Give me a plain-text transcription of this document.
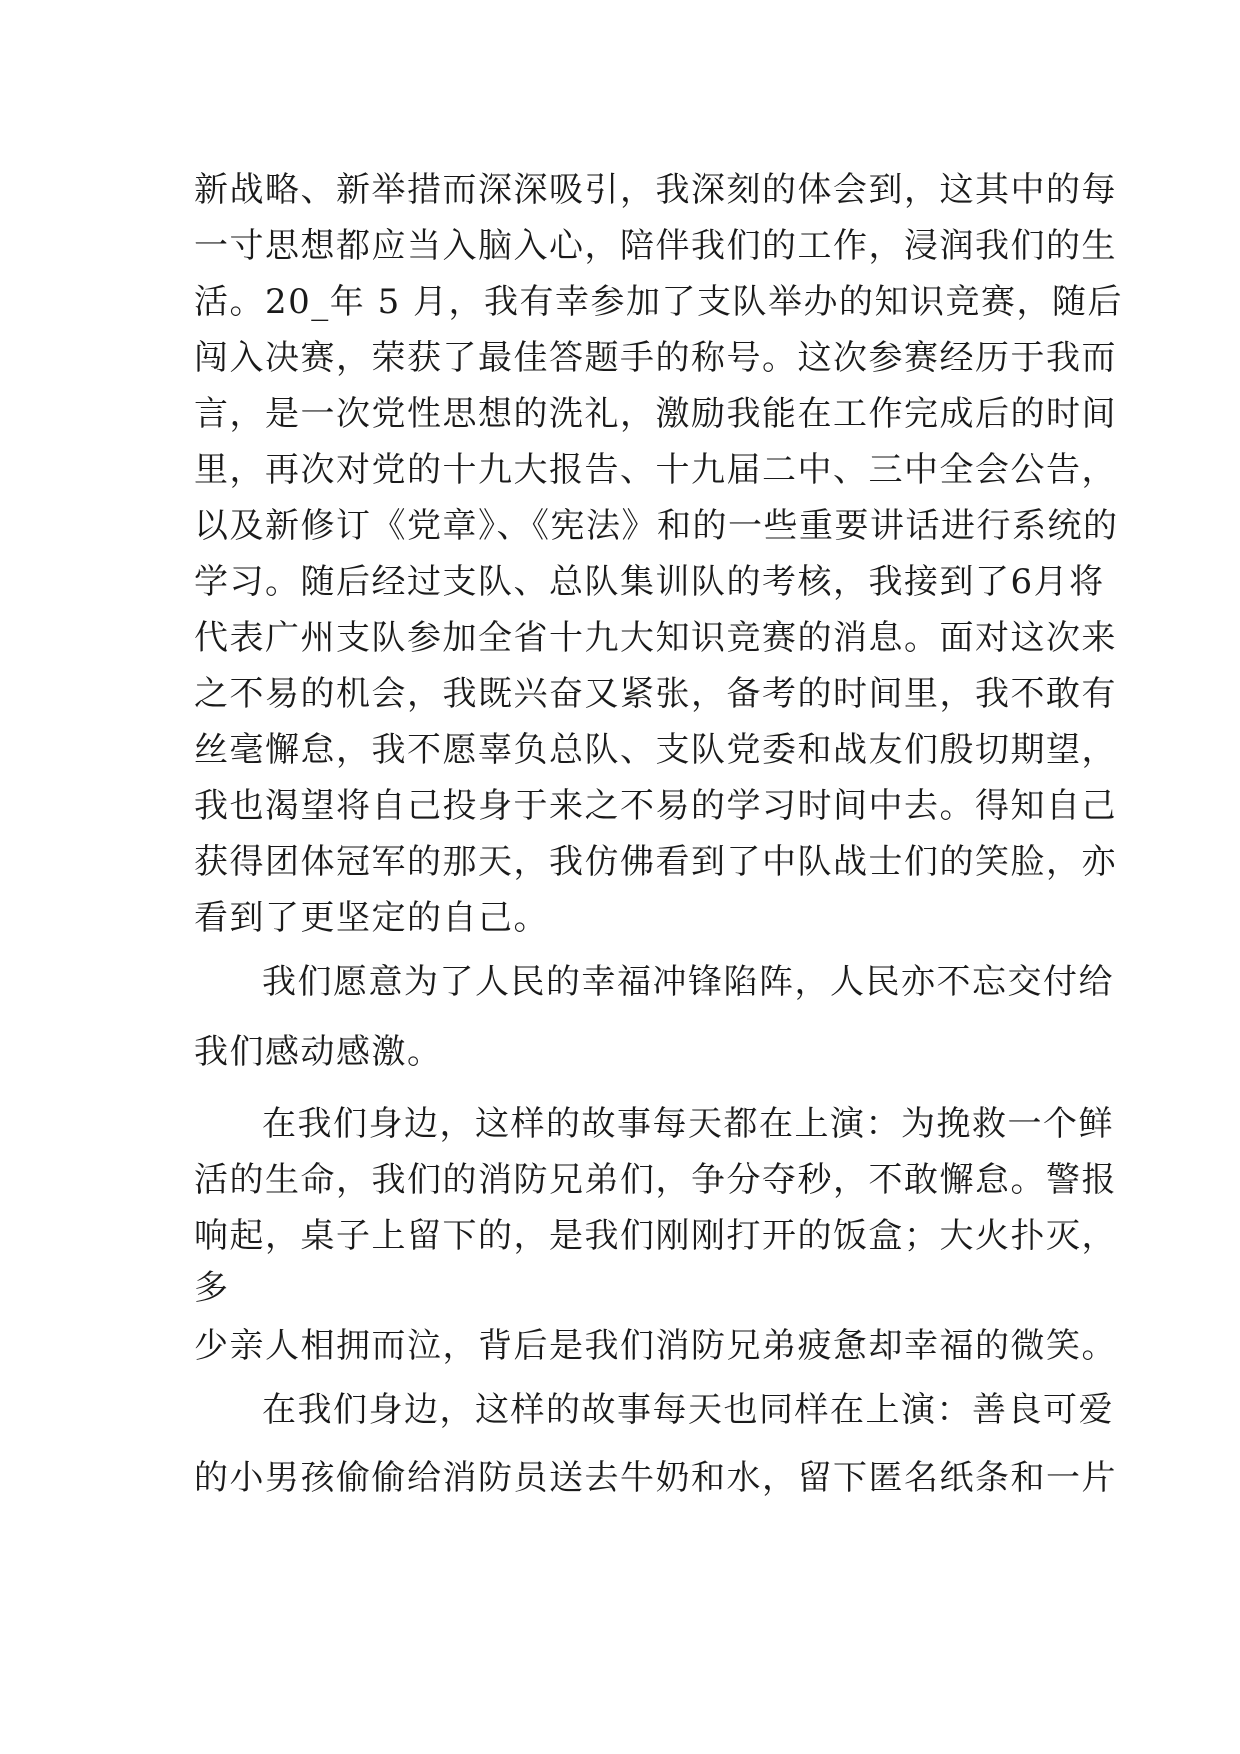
新战略、新举措而深深吸引，我深刻的体会到，这其中的每
一寸思想都应当入脑入心，陪伴我们的工作，浸润我们的生
活。20_年 5 月，我有幸参加了支队举办的知识竞赛，随后
闯入决赛，荣获了最佳答题手的称号。这次参赛经历于我而
言，是一次党性思想的洗礼，激励我能在工作完成后的时间
里，再次对党的十九大报告、十九届二中、三中全会公告，
以及新修订《党章》、《宪法》和的一些重要讲话进行系统的
学习。随后经过支队、总队集训队的考核，我接到了6月将
代表广州支队参加全省十九大知识竞赛的消息。面对这次来
之不易的机会，我既兴奋又紧张，备考的时间里，我不敢有
丝毫懈怠，我不愿辜负总队、支队党委和战友们殷切期望，
我也渴望将自己投身于来之不易的学习时间中去。得知自己
获得团体冠军的那天，我仿佛看到了中队战士们的笑脸，亦
看到了更坚定的自己。
我们愿意为了人民的幸福冲锋陷阵，人民亦不忘交付给
我们感动感激。
在我们身边，这样的故事每天都在上演：为挽救一个鲜
活的生命，我们的消防兄弟们，争分夺秒，不敢懈怠。警报
响起，桌子上留下的，是我们刚刚打开的饭盒；大火扑灭，
多
少亲人相拥而泣，背后是我们消防兄弟疲惫却幸福的微笑。
在我们身边，这样的故事每天也同样在上演：善良可爱
的小男孩偷偷给消防员送去牛奶和水，留下匿名纸条和一片
